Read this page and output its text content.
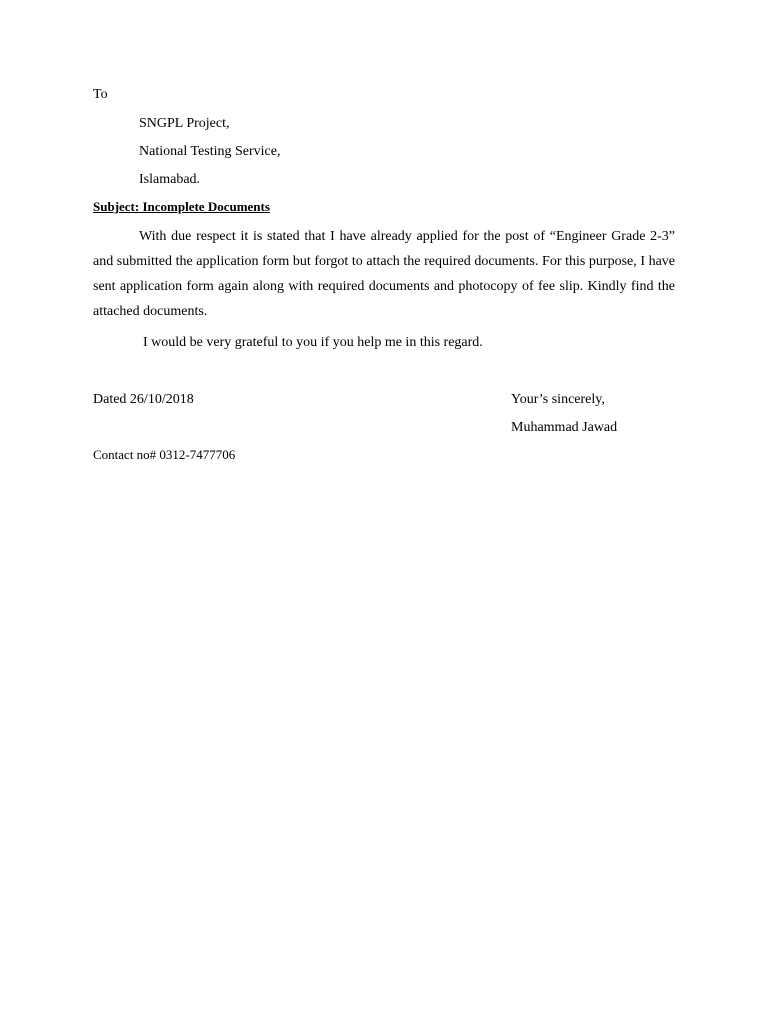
To
SNGPL Project,
National Testing Service,
Islamabad.
Subject: Incomplete Documents

With due respect it is stated that I have already applied for the post of “Engineer Grade 2-3” and submitted the application form but forgot to attach the required documents. For this purpose, I have sent application form again along with required documents and photocopy of fee slip. Kindly find the attached documents.

I would be very grateful to you if you help me in this regard.
Dated 26/10/2018	Your’s sincerely,
Muhammad Jawad
Contact no# 0312-7477706
